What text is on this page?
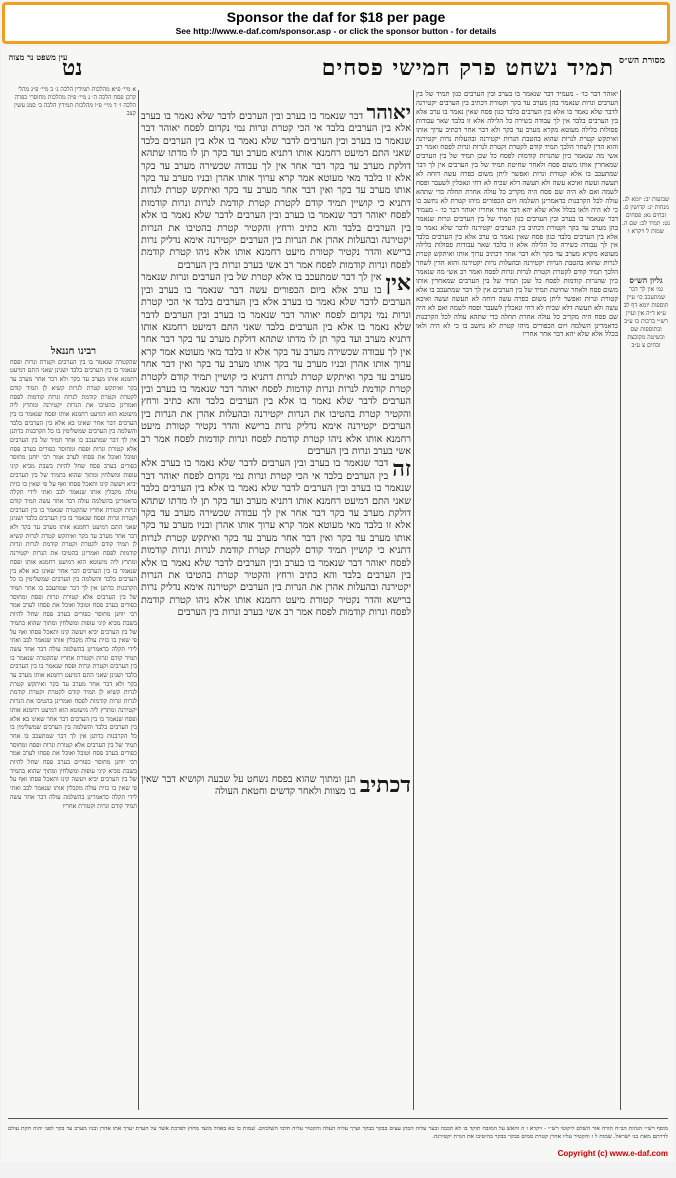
Sponsor the daf for $18 per page
See http://www.e-daf.com/sponsor.asp - or click the sponsor button - for details
מסורת הש״ס
עין משפט נר מצוה	תמיד נשחט פרק חמישי פסחים
נט
יאוהר דבר כו׳ - מעמיד דבר שנאמר בו בערב ובין הערבים כגון תמיד של בין הערבים ונרות שנאמר בהן מערב עד בקר וקטורת דכתיב בין הערבים יקטירנה לדבר שלא נאמר בו אלא בין הערבים בלבד כגון פסח שאין נאמר בו ערב אלא בין הערבים בלבד אין לך עבודה כשירה כל הלילה אלא זו בלבד שאר עבודות פסולות בלילה מעוטא מקרא מערב עד בקר ולא דבר אחר דכתיב ערוך אותו ואיתקש קטרת לנרות שהוא בהטבת הנרות יקטירנה ובהעלות נרות יקטירנה והוא הדין לשחר הלכך תמיד קודם לקטרת וקטרת לנרות ונרות לפסח ואמר רב אשי מה שנאמר כיון שהנרות קודמות לפסח כל שכן תמיד של בין הערבים שמאחרין אותו משום פסח ולאחר שחיטת תמיד של בין הערבים אין לך דבר שמתעכב בו אלא קטורת ונרות ואפשר ליתן משום כפרה עשה דוחה לא תעשה ועשה ואיכא עשה ולא תעשה דלא שכיח לא דחי ונאכלין לשעבר ופסח לשמה ואם לא היה שם פסח היה מקריב כל עולה אחרת תחלה כדי שתהא עולה לכל הקרבנות כדאמרינן השלמה ויום הכפורים מיהו קטרת לא נחשב בו כי לא היה ולאו בכלל אלא שלא יהא דבר אחר אחריו יאוהר דבר כו׳ - מעמיד דבר שנאמר בו בערב ובין הערבים כגון תמיד של בין הערבים ונרות שנאמר בהן מערב עד בקר וקטורת דכתיב בין הערבים יקטירנה לדבר שלא נאמר בו אלא בין הערבים בלבד כגון פסח שאין נאמר בו ערב אלא בין הערבים בלבד אין לך עבודה כשירה כל הלילה אלא זו בלבד שאר עבודות פסולות בלילה מעוטא מקרא מערב עד בקר ולא דבר אחר דכתיב ערוך אותו ואיתקש קטרת לנרות שהוא בהטבת הנרות יקטירנה ובהעלות נרות יקטירנה והוא הדין לשחר הלכך תמיד קודם לקטרת וקטרת לנרות ונרות לפסח ואמר רב אשי מה שנאמר כיון שהנרות קודמות לפסח כל שכן תמיד של בין הערבים שמאחרין אותו משום פסח ולאחר שחיטת תמיד של בין הערבים אין לך דבר שמתעכב בו אלא קטורת ונרות ואפשר ליתן משום כפרה עשה דוחה לא תעשה ועשה ואיכא עשה ולא תעשה דלא שכיח לא דחי ונאכלין לשעבר ופסח לשמה ואם לא היה שם פסח היה מקריב כל עולה אחרת תחלה כדי שתהא עולה לכל הקרבנות כדאמרינן השלמה ויום הכפורים מיהו קטרת לא נחשב בו כי לא היה ולאו בכלל אלא שלא יהא דבר אחר אחריו
יאוהר דבר שנאמר בו בערב ובין הערבים לדבר שלא נאמר בו בערב אלא בין הערבים בלבד אי הכי קטרת ונרות נמי נקדום לפסח יאוהר דבר שנאמר בו בערב ובין הערבים לדבר שלא נאמר בו אלא בין הערבים בלבד שאני התם דמיעט רחמנא אותו דתניא מערב ועד בקר תן לו מדתו שתהא דולקת מערב עד בקר דבר אחר אין לך עבודה שכשירה מערב עד בקר אלא זו בלבד מאי מעוטא אמר קרא ערוך אותו אהרן ובניו מערב עד בקר אותו מערב עד בקר ואין דבר אחר מערב עד בקר ואיתקש קטרת לנרות דתניא כי קושיין תמיד קודם לקטרת קטרת קודמת לנרות ונרות קודמות לפסח יאוהר דבר שנאמר בו בערב ובין הערבים לדבר שלא נאמר בו אלא בין הערבים בלבד והא כתיב ורחץ והקטיר קטרת בהטיבו את הנרות יקטירנה ובהעלות אהרן את הנרות בין הערבים יקטירנה אימא נדליק נרות ברישא והדר נקטיר קטורת מיעט רחמנא אותו אלא ניהו קטרת קודמת לפסח ונרות קודמות לפסח אמר רב אשי בערב ונרות בין הערבים

אין
אין לך דבר שמתעכב בו אלא קטרת של בין הערבים ונרות שנאמר בו ערב אלא ביום הכפורים עשה דבר שנאמר בו בערב ובין הערבים לדבר שלא נאמר בו בערב אלא בין הערבים בלבד אי הכי קטרת ונרות נמי נקדום לפסח יאוהר דבר שנאמר בו בערב ובין הערבים לדבר שלא נאמר בו אלא בין הערבים בלבד שאני התם דמיעט רחמנא אותו דתניא מערב ועד בקר תן לו מדתו שתהא דולקת מערב עד בקר דבר אחר אין לך עבודה שכשירה מערב עד בקר אלא זו בלבד מאי מעוטא אמר קרא ערוך אותו אהרן ובניו מערב עד בקר אותו מערב עד בקר ואין דבר אחר מערב עד בקר ואיתקש קטרת לנרות דתניא כי קושיין תמיד קודם לקטרת קטרת קודמת לנרות ונרות קודמות לפסח יאוהר דבר שנאמר בו בערב ובין הערבים לדבר שלא נאמר בו אלא בין הערבים בלבד והא כתיב ורחץ והקטיר קטרת בהטיבו את הנרות יקטירנה ובהעלות אהרן את הנרות בין הערבים יקטירנה אימא נדליק נרות ברישא והדר נקטיר קטורת מיעט רחמנא אותו אלא ניהו קטרת קודמת לפסח ונרות קודמות לפסח אמר רב אשי בערב ונרות בין הערבים

זה
דבר שנאמר בו בערב ובין הערבים לדבר שלא נאמר בו בערב אלא בין הערבים בלבד אי הכי קטרת ונרות נמי נקדום לפסח יאוהר דבר שנאמר בו בערב ובין הערבים לדבר שלא נאמר בו אלא בין הערבים בלבד שאני התם דמיעט רחמנא אותו דתניא מערב ועד בקר תן לו מדתו שתהא דולקת מערב עד בקר דבר אחר אין לך עבודה שכשירה מערב עד בקר אלא זו בלבד מאי מעוטא אמר קרא ערוך אותו אהרן ובניו מערב עד בקר אותו מערב עד בקר ואין דבר אחר מערב עד בקר ואיתקש קטרת לנרות דתניא כי קושיין תמיד קודם לקטרת קטרת קודמת לנרות ונרות קודמות לפסח יאוהר דבר שנאמר בו בערב ובין הערבים לדבר שלא נאמר בו אלא בין הערבים בלבד והא כתיב ורחץ והקטיר קטרת בהטיבו את הנרות יקטירנה ובהעלות אהרן את הנרות בין הערבים יקטירנה אימא נדליק נרות ברישא והדר נקטיר קטורת מיעט רחמנא אותו אלא ניהו קטרת קודמת לפסח ונרות קודמות לפסח אמר רב אשי בערב ונרות בין הערבים
דכתיב
תנן ומתוך שהוא בפסח נשחט על שבעה וקושיא דבר שאין בו מצוות ולאחר קדשים וחטאת העולה
א מיי׳ פ״א מהלכות תמידין הלכה ג׳ ב מיי׳ פ״ג מהל׳ קרבן פסח הלכה ה׳ ג מיי׳ פ״ה מהלכות מחוסרי כפרה הלכה ו׳ ד מיי׳ פ״ו מהלכות תמידין הלכה ב׳ סמג עשין קצב
רבינו חננאל
שהקטרה שנאמר בו בין הערבים וקטרת ונרות ופסח שנאמר בו בין הערבים בלבד ושנינן שאני התם דמיעט רחמנא אותו מערב עד בקר ולא דבר אחר מערב עד בקר ואיתקש קטרת לנרות קשיא לן תמיד קודם לקטרת וקטרת קודמת לנרות ונרות קודמות לפסח ואמרינן בהטיבו את הנרות יקטירנה ומתרץ ליה מיעוטא הוא דמיעט רחמנא אותו ופסח שנאמר בו בין הערבים דבר אחר שאינו בא אלא בין הערבים בלבד והשלמה בין הערבים שמשלימין בו כל הקרבנות כדתנן אין לך דבר שמתעכב בו אחר תמיד של בין הערבים אלא קטורת ונרות ופסח ומחוסר כפורים בערב פסח וטובל ואוכל את פסחו לערב אמר רבי יוחנן מחוסר כפורים בערב פסח שחל להיות בשבת מביא קיני עופות ומשלחין ומתוך שהוא בתמיד של בין הערבים יביא ויעשה קינו ותאכל פסחו ואף על פי שאין בו כזית עולה מקבלין אותו שנאמר לבב ואתי לידי תקלה כדאמרינן בהשלמה עולה דבר אחר עשה תמיד קודם ונרות וקטורת אחריו שהקטרה שנאמר בו בין הערבים וקטרת ונרות ופסח שנאמר בו בין הערבים בלבד ושנינן שאני התם דמיעט רחמנא אותו מערב עד בקר ולא דבר אחר מערב עד בקר ואיתקש קטרת לנרות קשיא לן תמיד קודם לקטרת וקטרת קודמת לנרות ונרות קודמות לפסח ואמרינן בהטיבו את הנרות יקטירנה ומתרץ ליה מיעוטא הוא דמיעט רחמנא אותו ופסח שנאמר בו בין הערבים דבר אחר שאינו בא אלא בין הערבים בלבד והשלמה בין הערבים שמשלימין בו כל הקרבנות כדתנן אין לך דבר שמתעכב בו אחר תמיד של בין הערבים אלא קטורת ונרות ופסח ומחוסר כפורים בערב פסח וטובל ואוכל את פסחו לערב אמר רבי יוחנן מחוסר כפורים בערב פסח שחל להיות בשבת מביא קיני עופות ומשלחין ומתוך שהוא בתמיד של בין הערבים יביא ויעשה קינו ותאכל פסחו ואף על פי שאין בו כזית עולה מקבלין אותו שנאמר לבב ואתי לידי תקלה כדאמרינן בהשלמה עולה דבר אחר עשה תמיד קודם ונרות וקטורת אחריו שהקטרה שנאמר בו בין הערבים וקטרת ונרות ופסח שנאמר בו בין הערבים בלבד ושנינן שאני התם דמיעט רחמנא אותו מערב עד בקר ולא דבר אחר מערב עד בקר ואיתקש קטרת לנרות קשיא לן תמיד קודם לקטרת וקטרת קודמת לנרות ונרות קודמות לפסח ואמרינן בהטיבו את הנרות יקטירנה ומתרץ ליה מיעוטא הוא דמיעט רחמנא אותו ופסח שנאמר בו בין הערבים דבר אחר שאינו בא אלא בין הערבים בלבד והשלמה בין הערבים שמשלימין בו כל הקרבנות כדתנן אין לך דבר שמתעכב בו אחר תמיד של בין הערבים אלא קטורת ונרות ופסח ומחוסר כפורים בערב פסח וטובל ואוכל את פסחו לערב אמר רבי יוחנן מחוסר כפורים בערב פסח שחל להיות בשבת מביא קיני עופות ומשלחין ומתוך שהוא בתמיד של בין הערבים יביא ויעשה קינו ותאכל פסחו ואף על פי שאין בו כזית עולה מקבלין אותו שנאמר לבב ואתי לידי תקלה כדאמרינן בהשלמה עולה דבר אחר עשה תמיד קודם ונרות וקטורת אחריו
שבועות יב: יומא לג. מנחות יג: קדושין ס. זבחים נא: פסחים נט: תמיד לב: שם ה. שמות ל ויקרא ו
גליון הש״ס
גמ׳ אין לך דבר שמתעכב כו׳ עיין תוספות יומא דף לב ע״א ד״ה אין ועיין רש״י ברכות כו ע״ב ובתוספות שם ובשיטה מקובצת זבחים צ ע״ב
מוסף רש״י הגהות הב״ח תורה אור השלם ליקוטי רש״י - ויקרא ו ה והאש על המזבח תוקד בו לא תכבה ובער עליה הכהן עצים בבקר בבקר וערך עליה העלה והקטיר עליה חלבי השלמים. שמות כז כא באהל מועד מחוץ לפרכת אשר על העדת יערך אתו אהרן ובניו מערב עד בקר לפני יהוה חקת עולם לדרתם מאת בני ישראל. שמות ל ז והקטיר עליו אהרן קטרת סמים בבקר בבקר בהיטיבו את הנרת יקטירנה.
Copyright (c) www.e-daf.com
